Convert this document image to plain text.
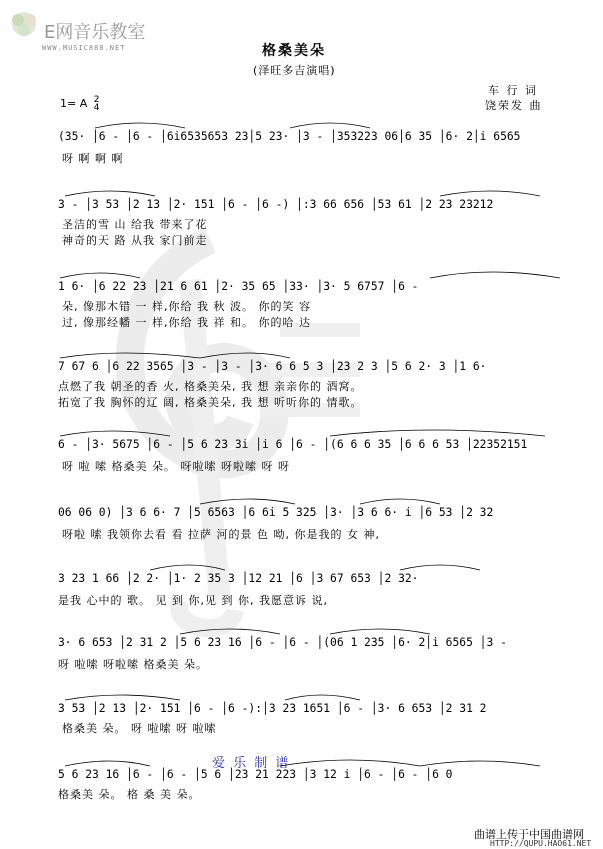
E网音乐教室
WWW.MUSIC888.NET	格桑美朵
(泽旺多吉演唱)
车 行 词
饶荣发 曲
1= A 2
4
(35· │6 - │6 - │6i6535653 23│5 23· │3 - │353223 06│6 35 │6· 2│i 6565
呀 啊 啊 啊
3 - │3 53 │2 13 │2· 151 │6 - │6 -) │:3 66 656 │53 61 │2 23 23212
圣洁的雪 山 给我 带来了花
神奇的天 路 从我 家门前走
1 6· │6 22 23 │21 6 61 │2· 35 65 │33· │3· 5 6757 │6 -
朵, 像那木错 一 样,你给 我 秋 波。 你的笑 容
过, 像那经幡 一 样,你给 我 祥 和。 你的哈 达
7 67 6 │6 22 3565 │3 - │3 - │3· 6 6 5 3 │23 2 3 │5 6 2· 3 │1 6·
点燃了我 朝圣的香 火, 格桑美朵, 我 想 亲亲你的 酒窝。
拓宽了我 胸怀的辽 阔, 格桑美朵, 我 想 听听你的 情歌。
6 - │3· 5675 │6 - │5 6 23 3i │i 6 │6 - │(6 6 6 35 │6 6 6 53 │22352151
呀 啦 嗦 格桑美 朵。 呀啦嗦 呀啦嗦 呀 呀
06 06 0) │3 6 6· 7 │5 6563 │6 6i 5 325 │3· │3 6 6· i │6 53 │2 32
呀啦 嗦 我领你去看 看 拉萨 河的景 色 呦, 你是我的 女 神,
3 23 1 66 │2 2· │1· 2 35 3 │12 21 │6 │3 67 653 │2 32·
是我 心中的 歌。 见 到 你,见 到 你, 我愿意诉 说,
3· 6 653 │2 31 2 │5 6 23 16 │6 - │6 - │(06 1 235 │6· 2│i 6565 │3 -
呀 啦嗦 呀啦嗦 格桑美 朵。
3 53 │2 13 │2· 151 │6 - │6 -):│3 23 1651 │6 - │3· 6 653 │2 31 2
格桑美 朵。 呀 啦嗦 呀 啦嗦
爱 乐 制 谱
5 6 23 16 │6 - │6 - │5 6 │23 21 223 │3 12 i │6 - │6 - │6 0
格桑美 朵。 格 桑 美 朵。
曲谱上传于中国曲谱网
HTTP://QUPU.HAO61.NET
